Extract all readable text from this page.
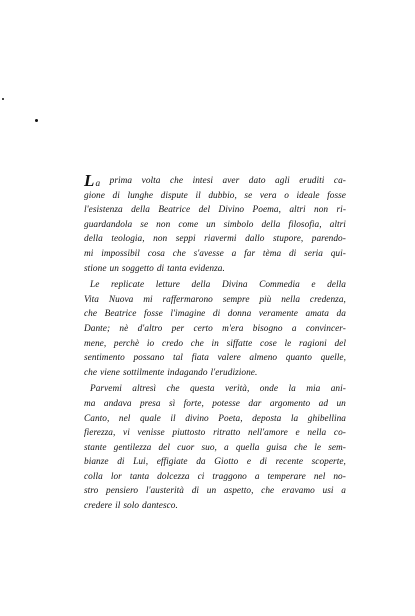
La prima volta che intesi aver dato agli eruditi ca-
gione di lunghe dispute il dubbio, se vera o ideale fosse
l'esistenza della Beatrice del Divino Poema, altri non ri-
guardandola se non come un simbolo della filosofia, altri
della teologia, non seppi riavermi dallo stupore, parendo-
mi impossibil cosa che s'avesse a far tèma di seria qui-
stione un soggetto di tanta evidenza.
Le replicate letture della Divina Commedia e della
Vita Nuova mi raffermarono sempre più nella credenza,
che Beatrice fosse l'imagine di donna veramente amata da
Dante; nè d'altro per certo m'era bisogno a convincer-
mene, perchè io credo che in siffatte cose le ragioni del
sentimento possano tal fiata valere almeno quanto quelle,
che viene sottilmente indagando l'erudizione.
Parvemi altresì che questa verità, onde la mia ani-
ma andava presa sì forte, potesse dar argomento ad un
Canto, nel quale il divino Poeta, deposta la ghibellina
fierezza, vi venisse piuttosto ritratto nell'amore e nella co-
stante gentilezza del cuor suo, a quella guisa che le sem-
bianze di Lui, effigiate da Giotto e di recente scoperte,
colla lor tanta dolcezza ci traggono a temperare nel no-
stro pensiero l'austerità di un aspetto, che eravamo usi a
credere il solo dantesco.
